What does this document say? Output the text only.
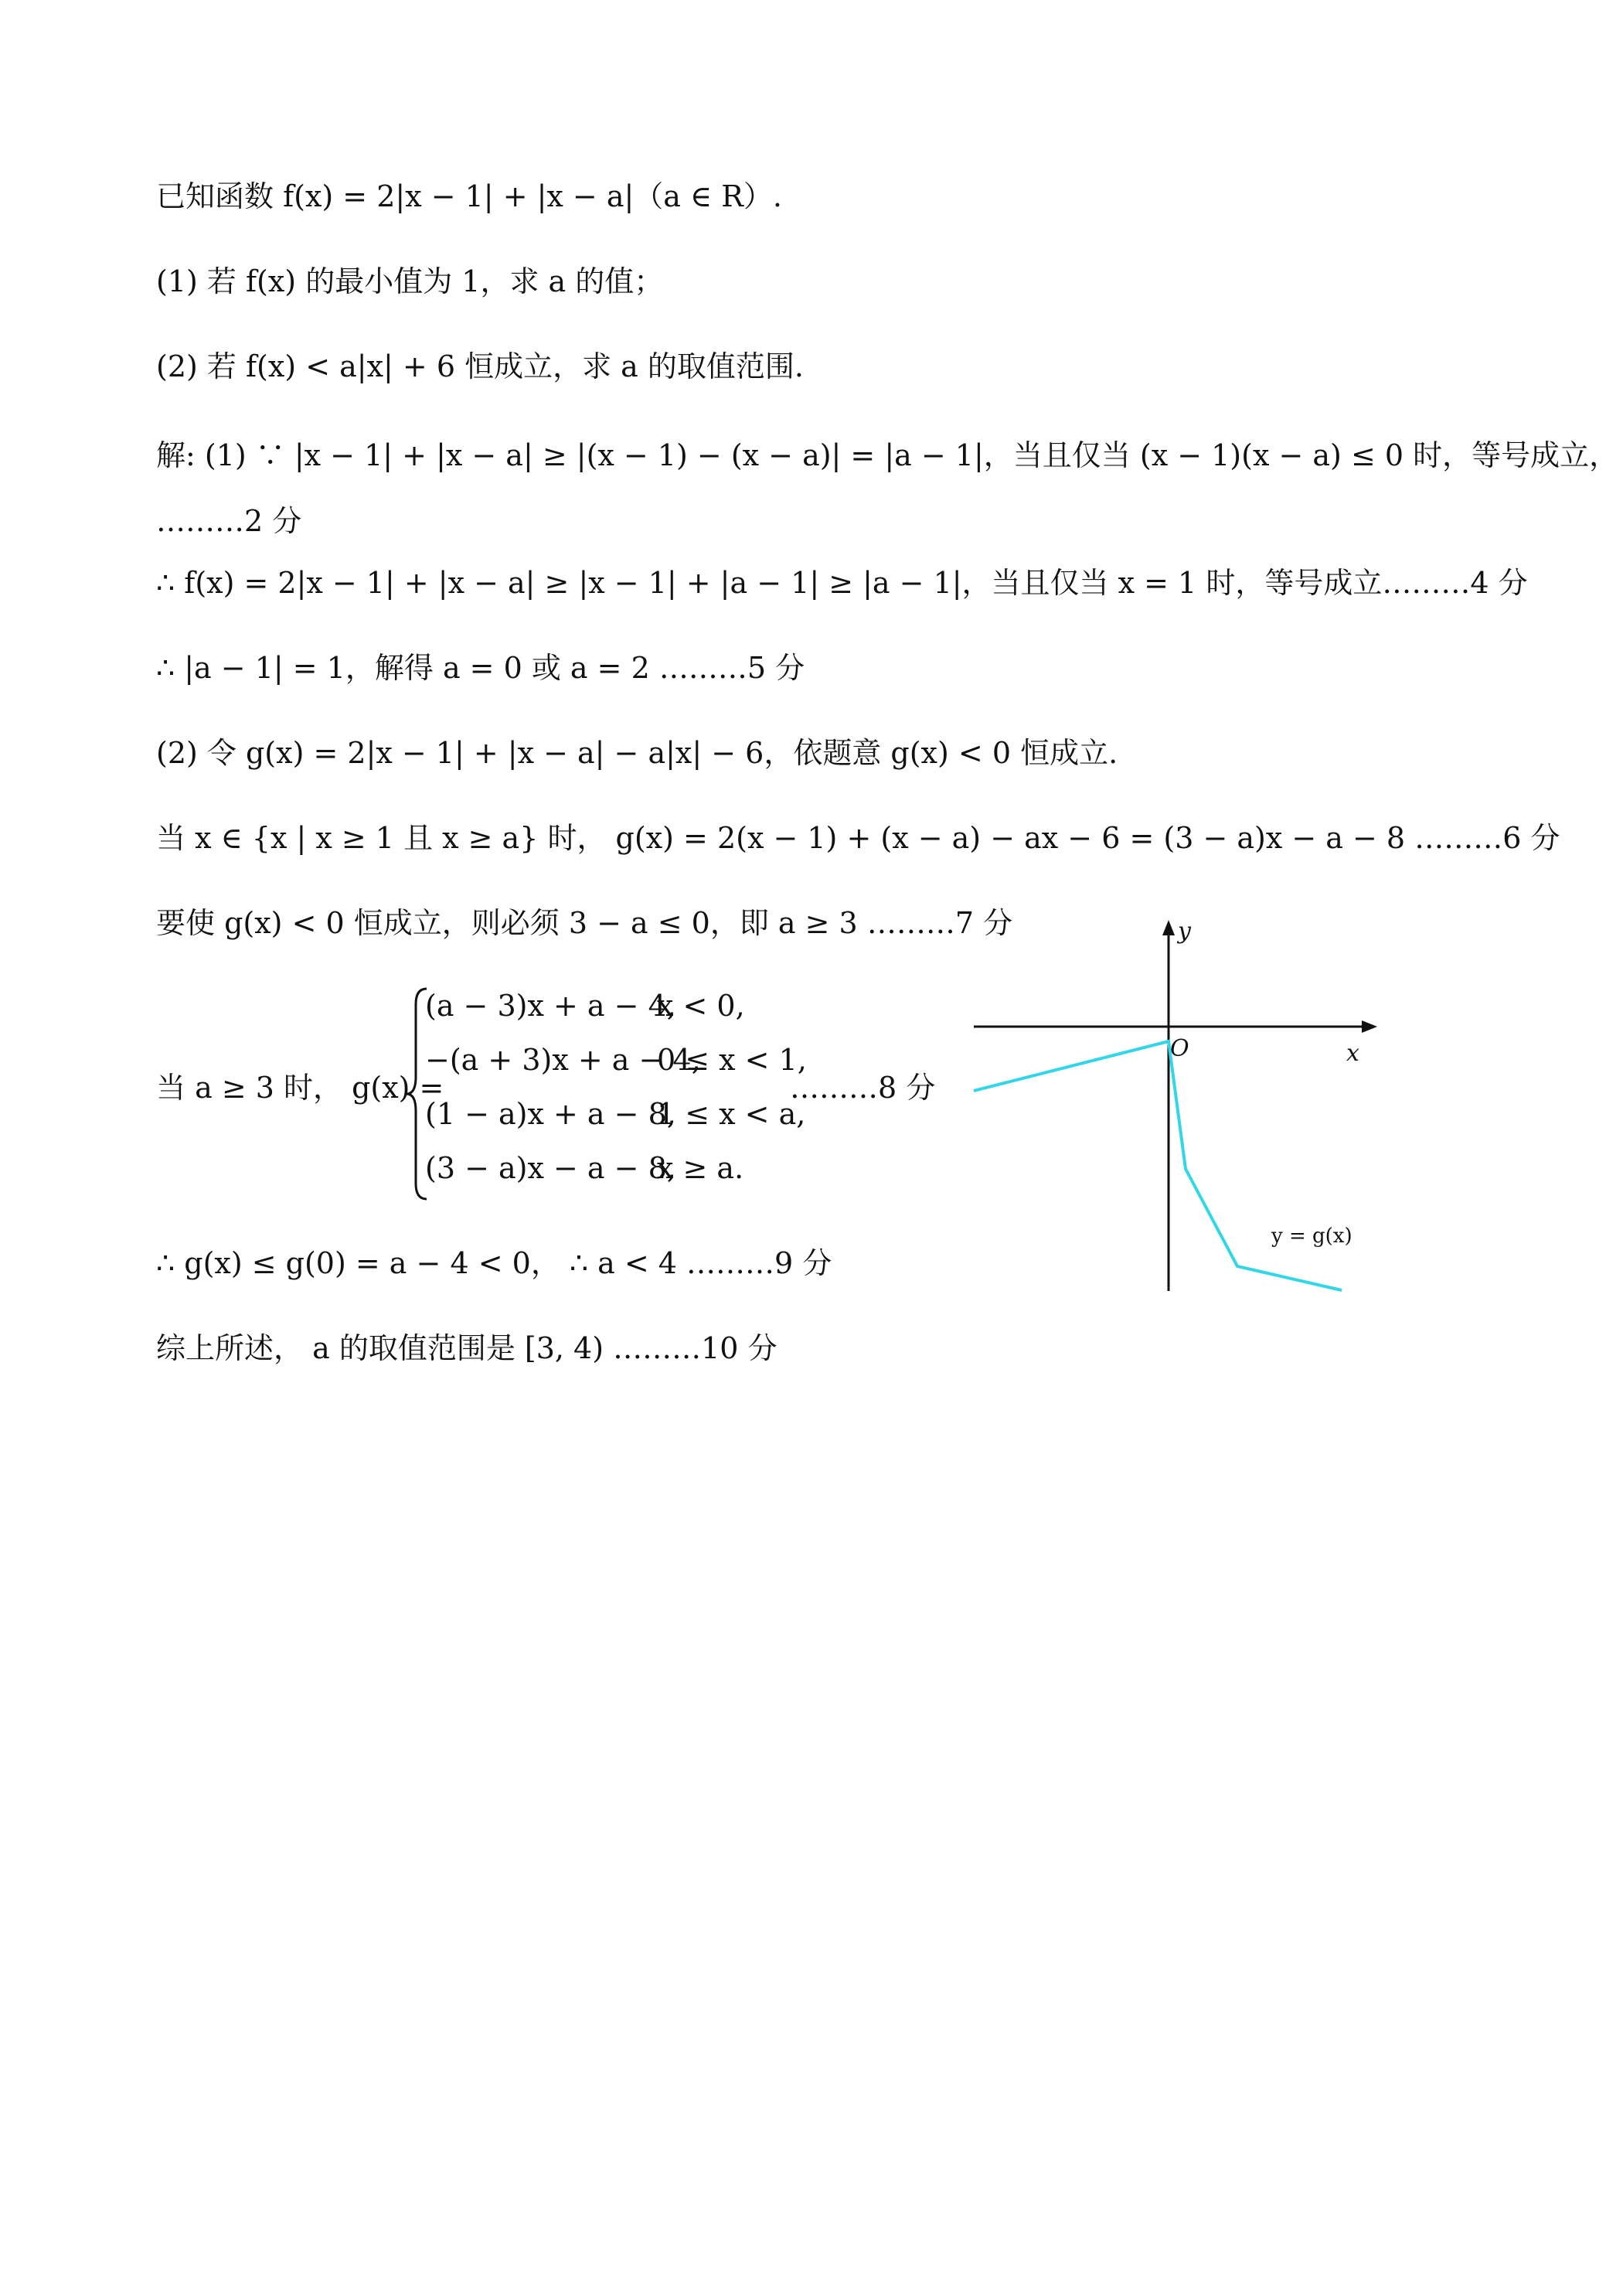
已知函数 f(x) = 2|x − 1| + |x − a|（a ∈ R）.
(1) 若 f(x) 的最小值为 1，求 a 的值；
(2) 若 f(x) < a|x| + 6 恒成立，求 a 的取值范围.
解: (1) ∵ |x − 1| + |x − a| ≥ |(x − 1) − (x − a)| = |a − 1|，当且仅当 (x − 1)(x − a) ≤ 0 时，等号成立，
………2 分
∴ f(x) = 2|x − 1| + |x − a| ≥ |x − 1| + |a − 1| ≥ |a − 1|，当且仅当 x = 1 时，等号成立………4 分
∴ |a − 1| = 1，解得 a = 0 或 a = 2 ………5 分
(2) 令 g(x) = 2|x − 1| + |x − a| − a|x| − 6，依题意 g(x) < 0 恒成立.
当 x ∈ {x | x ≥ 1 且 x ≥ a} 时， g(x) = 2(x − 1) + (x − a) − ax − 6 = (3 − a)x − a − 8 ………6 分
要使 g(x) < 0 恒成立，则必须 3 − a ≤ 0，即 a ≥ 3 ………7 分
当 a ≥ 3 时， g(x) =
(a − 3)x + a − 4,
x < 0,
−(a + 3)x + a − 4,
0 ≤ x < 1,
(1 − a)x + a − 8,
1 ≤ x < a,
(3 − a)x − a − 8,
x ≥ a.
………8 分
∴ g(x) ≤ g(0) = a − 4 < 0， ∴ a < 4 ………9 分
综上所述， a 的取值范围是 [3, 4) ………10 分
x
y
O
y = g(x)
